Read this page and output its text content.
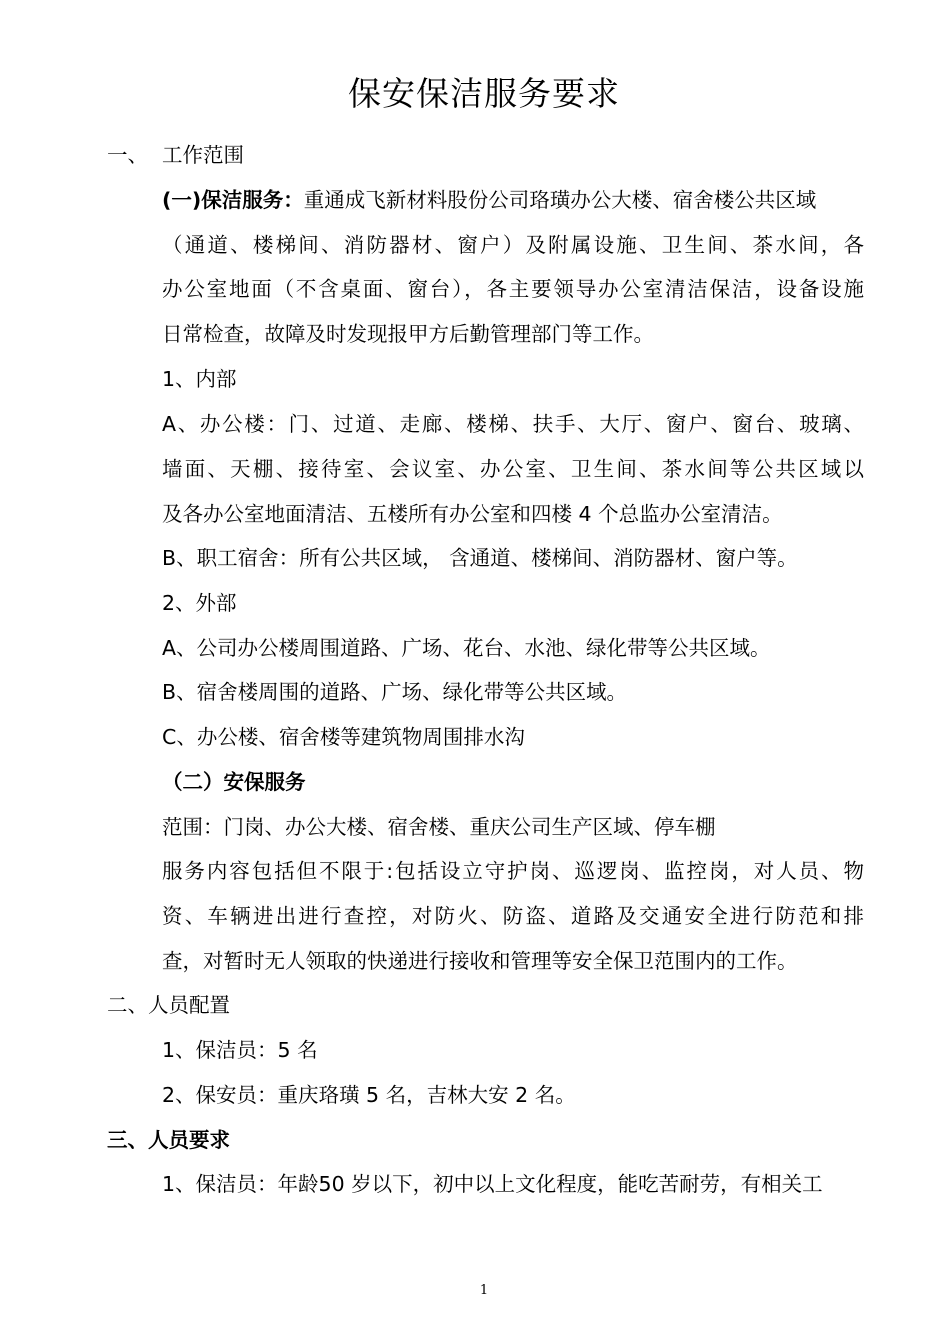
保安保洁服务要求
一、 工作范围
(一)保洁服务：重通成飞新材料股份公司珞璜办公大楼、宿舍楼公共区域
（通道、楼梯间、消防器材、窗户）及附属设施、卫生间、茶水间，各
办公室地面（不含桌面、窗台），各主要领导办公室清洁保洁，设备设施
日常检查，故障及时发现报甲方后勤管理部门等工作。
1、内部
A、办公楼：门、过道、走廊、楼梯、扶手、大厅、窗户、窗台、玻璃、
墙面、天棚、接待室、会议室、办公室、卫生间、茶水间等公共区域以
及各办公室地面清洁、五楼所有办公室和四楼 4 个总监办公室清洁。
B、职工宿舍：所有公共区域， 含通道、楼梯间、消防器材、窗户等。
2、外部
A、公司办公楼周围道路、广场、花台、水池、绿化带等公共区域。
B、宿舍楼周围的道路、广场、绿化带等公共区域。
C、办公楼、宿舍楼等建筑物周围排水沟
（二）安保服务
范围：门岗、办公大楼、宿舍楼、重庆公司生产区域、停车棚
服务内容包括但不限于:包括设立守护岗、巡逻岗、监控岗，对人员、物
资、车辆进出进行查控，对防火、防盗、道路及交通安全进行防范和排
查，对暂时无人领取的快递进行接收和管理等安全保卫范围内的工作。
二、人员配置
1、保洁员：5 名
2、保安员：重庆珞璜 5 名，吉林大安 2 名。
三、人员要求
1、保洁员：年龄50 岁以下，初中以上文化程度，能吃苦耐劳，有相关工
1
